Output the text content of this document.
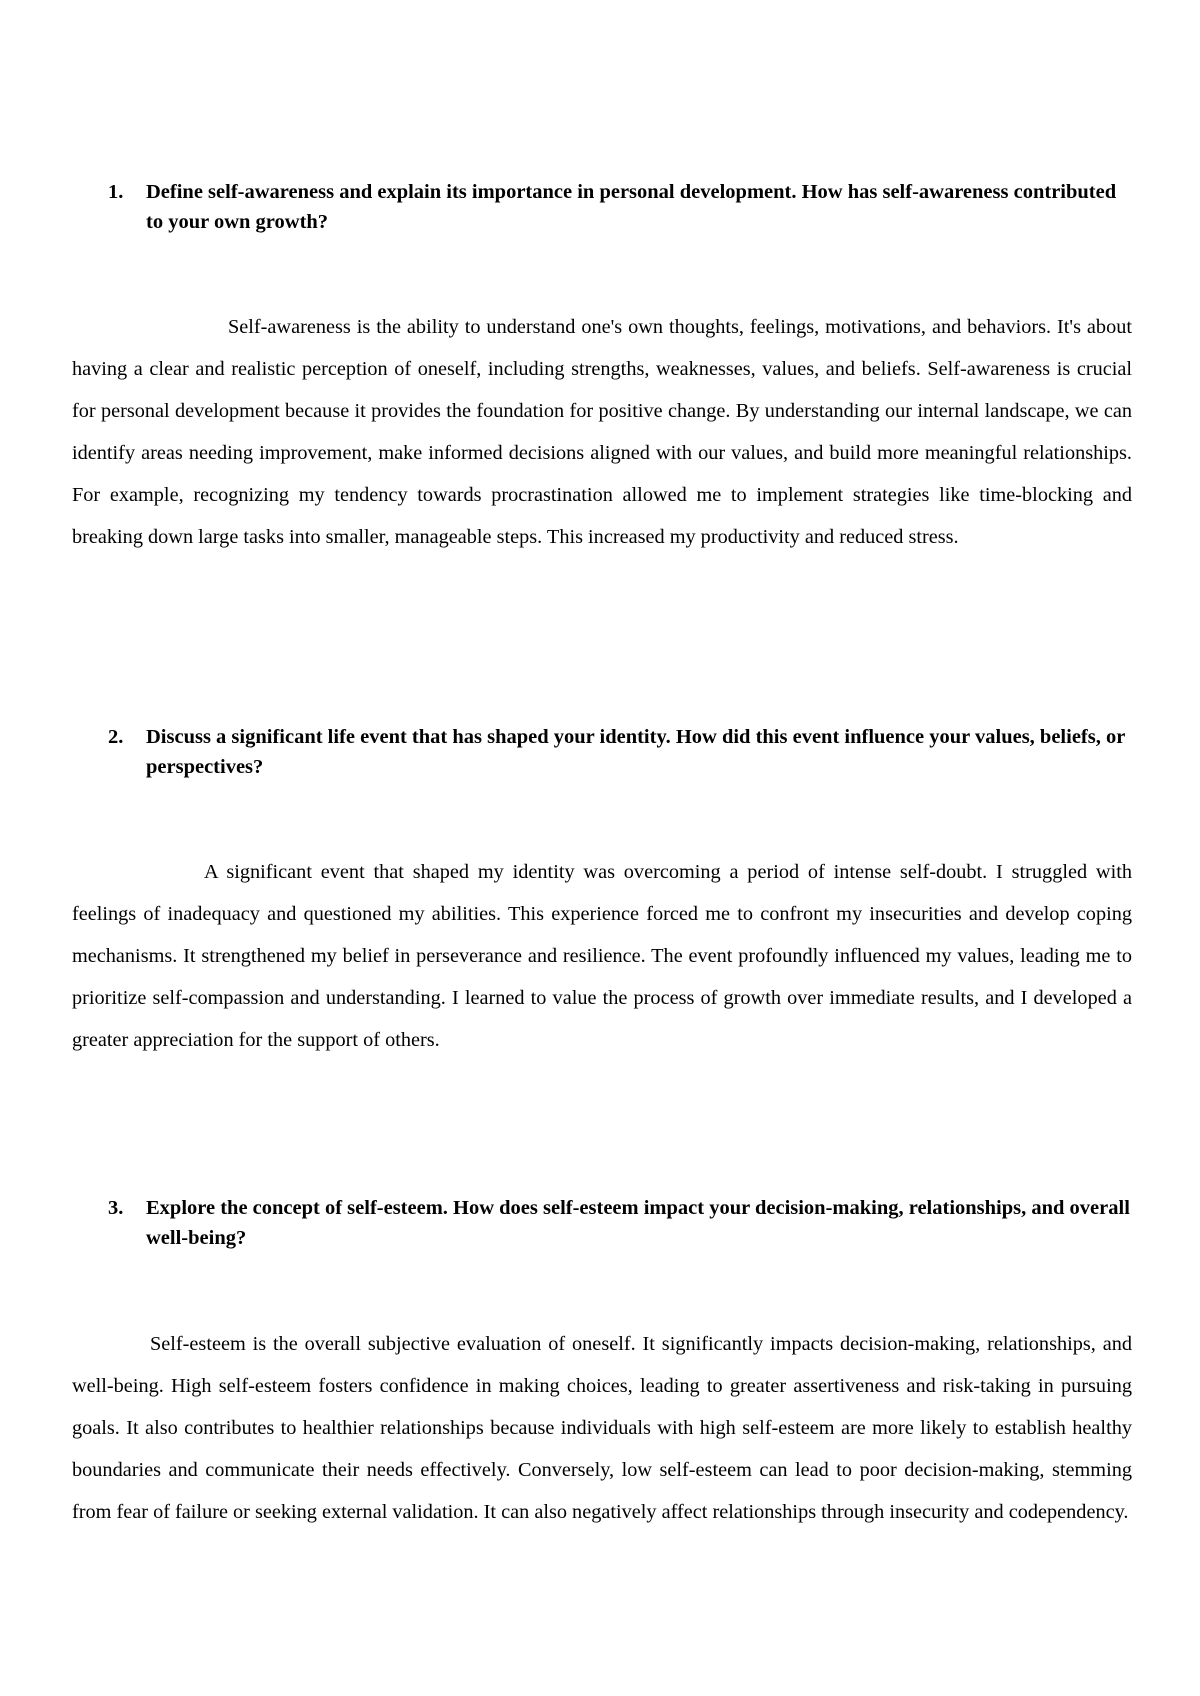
1. Define self-awareness and explain its importance in personal development. How has self-awareness contributed to your own growth?

Self-awareness is the ability to understand one's own thoughts, feelings, motivations, and behaviors. It's about having a clear and realistic perception of oneself, including strengths, weaknesses, values, and beliefs. Self-awareness is crucial for personal development because it provides the foundation for positive change. By understanding our internal landscape, we can identify areas needing improvement, make informed decisions aligned with our values, and build more meaningful relationships. For example, recognizing my tendency towards procrastination allowed me to implement strategies like time-blocking and breaking down large tasks into smaller, manageable steps. This increased my productivity and reduced stress.

2. Discuss a significant life event that has shaped your identity. How did this event influence your values, beliefs, or perspectives?

A significant event that shaped my identity was overcoming a period of intense self-doubt. I struggled with feelings of inadequacy and questioned my abilities. This experience forced me to confront my insecurities and develop coping mechanisms. It strengthened my belief in perseverance and resilience. The event profoundly influenced my values, leading me to prioritize self-compassion and understanding. I learned to value the process of growth over immediate results, and I developed a greater appreciation for the support of others.

3. Explore the concept of self-esteem. How does self-esteem impact your decision-making, relationships, and overall well-being?

Self-esteem is the overall subjective evaluation of oneself. It significantly impacts decision-making, relationships, and well-being. High self-esteem fosters confidence in making choices, leading to greater assertiveness and risk-taking in pursuing goals. It also contributes to healthier relationships because individuals with high self-esteem are more likely to establish healthy boundaries and communicate their needs effectively. Conversely, low self-esteem can lead to poor decision-making, stemming from fear of failure or seeking external validation. It can also negatively affect relationships through insecurity and codependency.
